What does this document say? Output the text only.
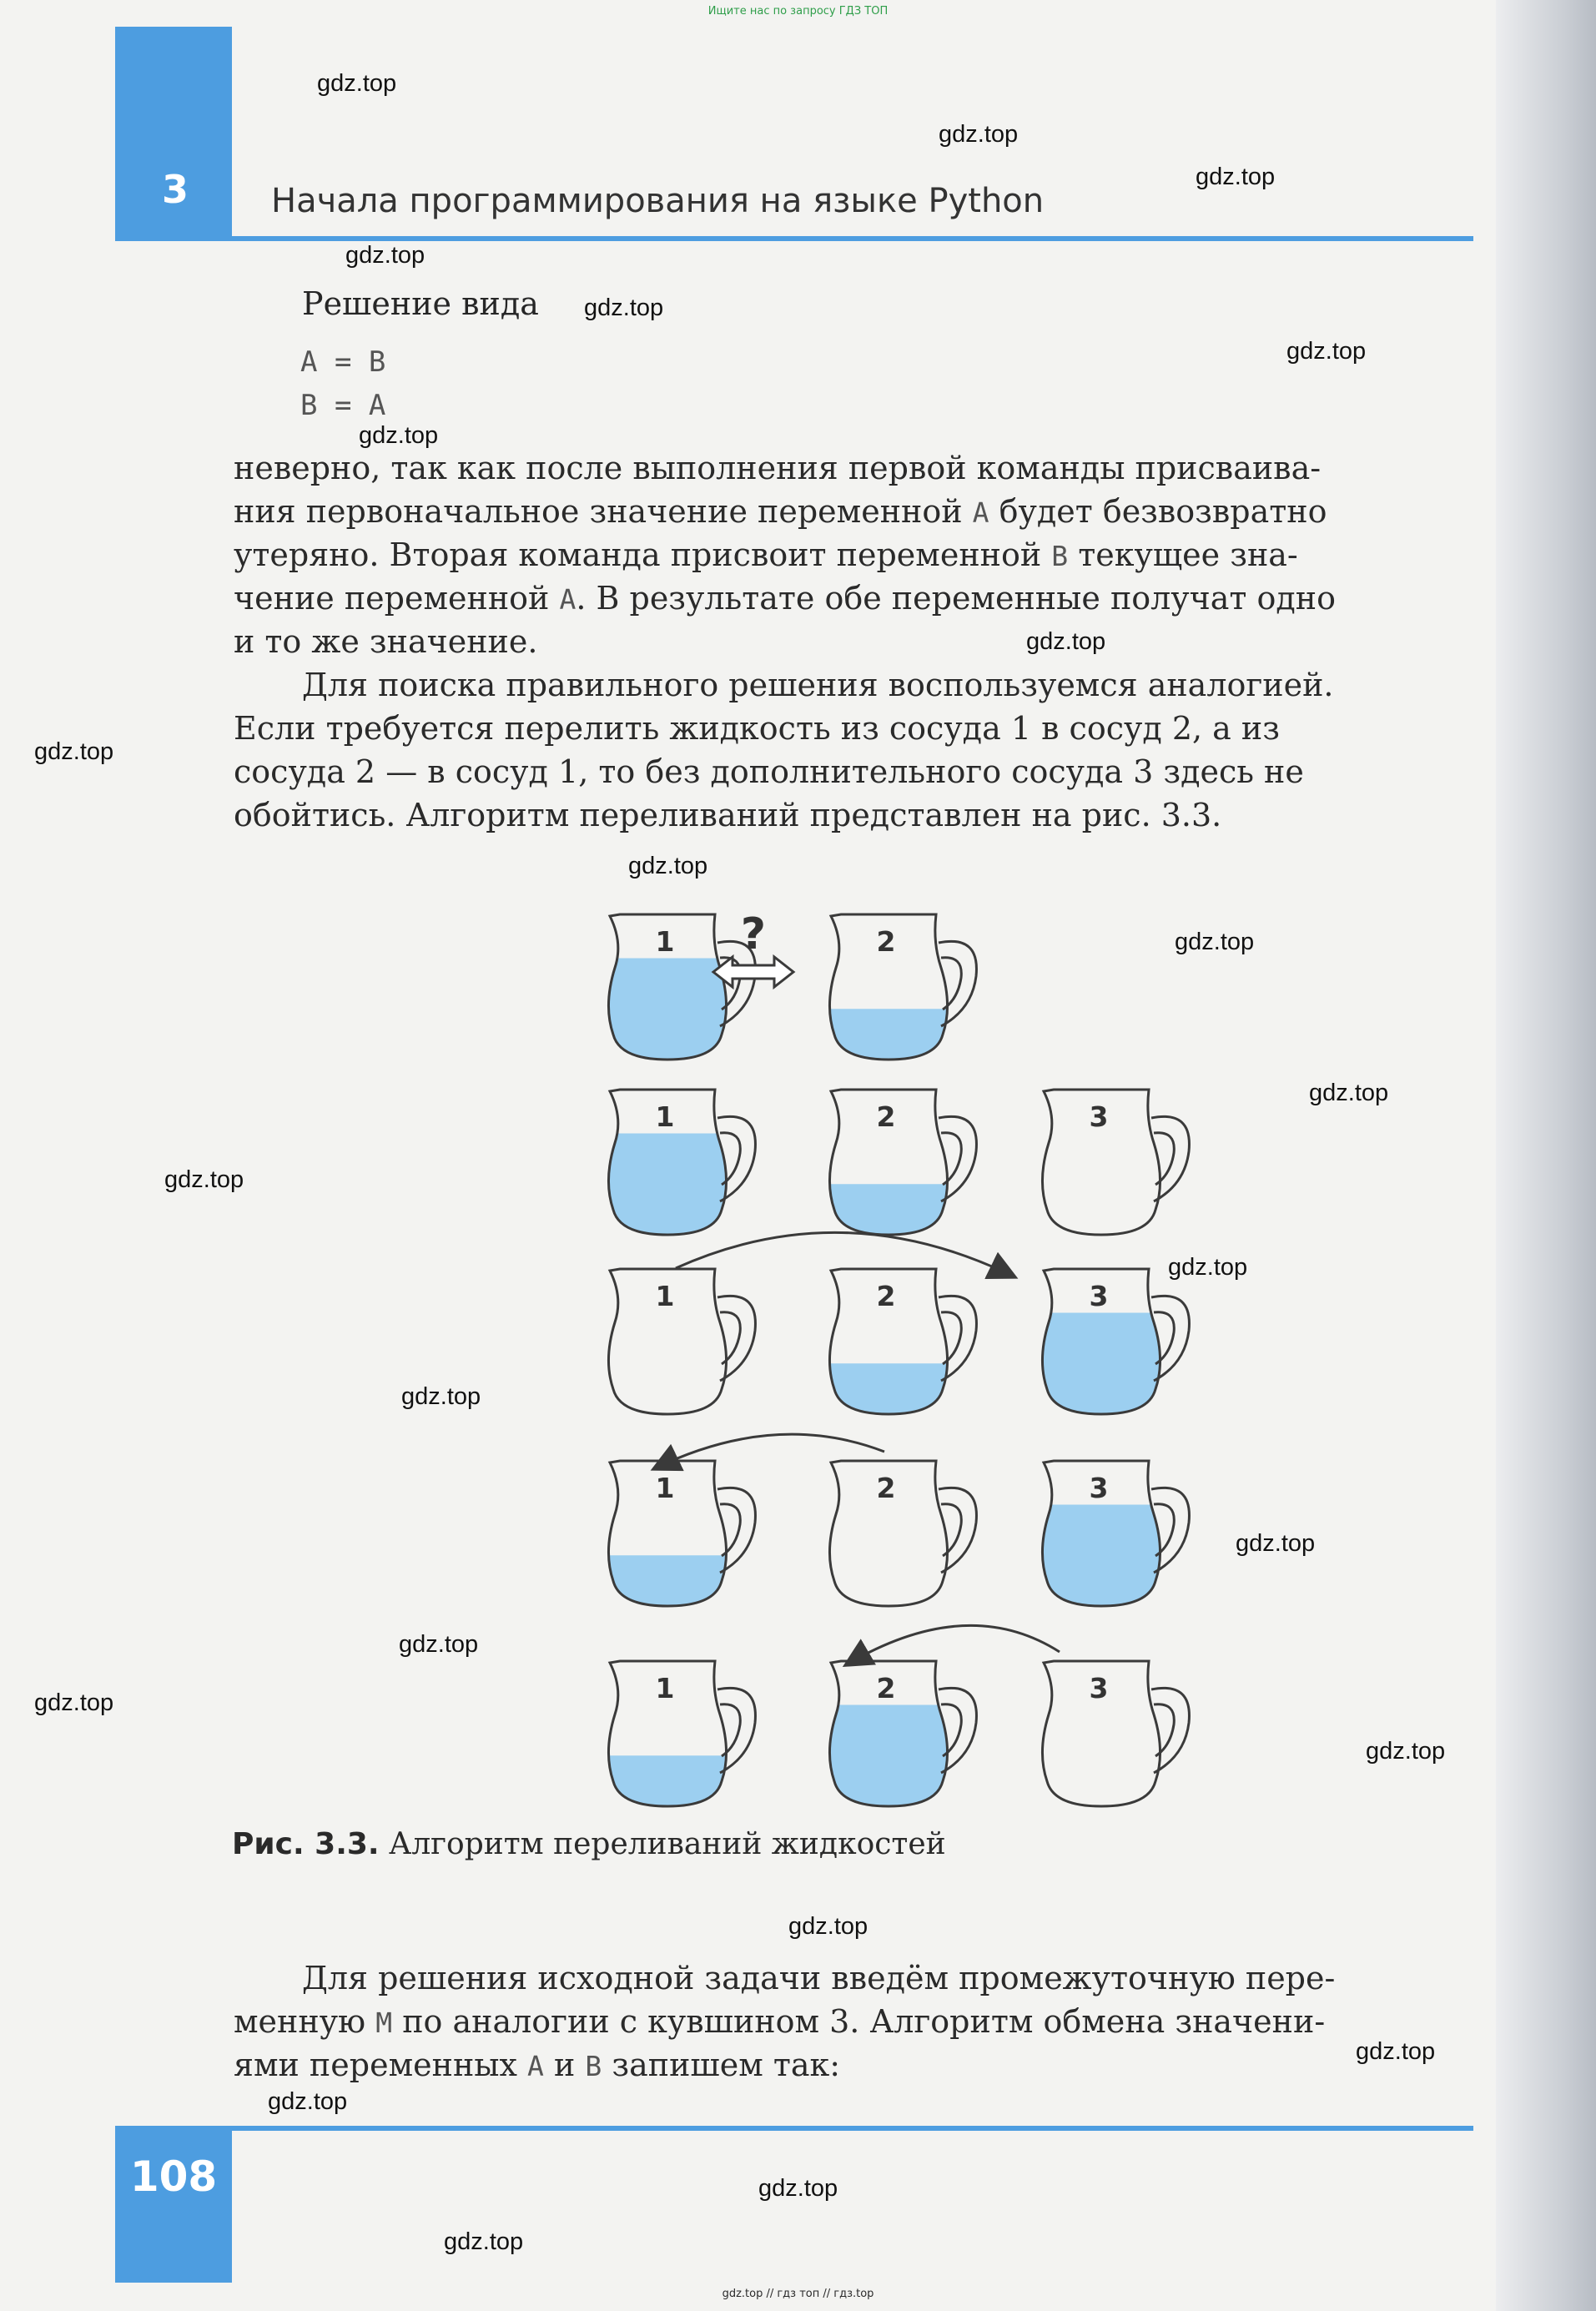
Ищите нас по запросу ГДЗ ТОП
3	Начала программирования на языке Python
Решение вида
A = B
B = A
неверно, так как после выполнения первой команды присваива-
ния первоначальное значение переменной A будет безвозвратно
утеряно. Вторая команда присвоит переменной B текущее зна-
чение переменной A. В результате обе переменные получат одно
и то же значение.
Для поиска правильного решения воспользуемся аналогией.
Если требуется перелить жидкость из сосуда 1 в сосуд 2, а из
сосуда 2 — в сосуд 1, то без дополнительного сосуда 3 здесь не
обойтись. Алгоритм переливаний представлен на рис. 3.3.
1	2
1	2	3
1	2	3
1	2	3
1	2	3
?
Рис. 3.3. Алгоритм переливаний жидкостей
Для решения исходной задачи введём промежуточную пере-
менную M по аналогии с кувшином 3. Алгоритм обмена значени-
ями переменных A и B запишем так:
108
gdz.top // гдз топ // гдз.top
gdz.top
gdz.top
gdz.top
gdz.top
gdz.top
gdz.top
gdz.top
gdz.top
gdz.top
gdz.top
gdz.top
gdz.top
gdz.top
gdz.top
gdz.top
gdz.top
gdz.top
gdz.top
gdz.top
gdz.top
gdz.top
gdz.top
gdz.top
gdz.top
